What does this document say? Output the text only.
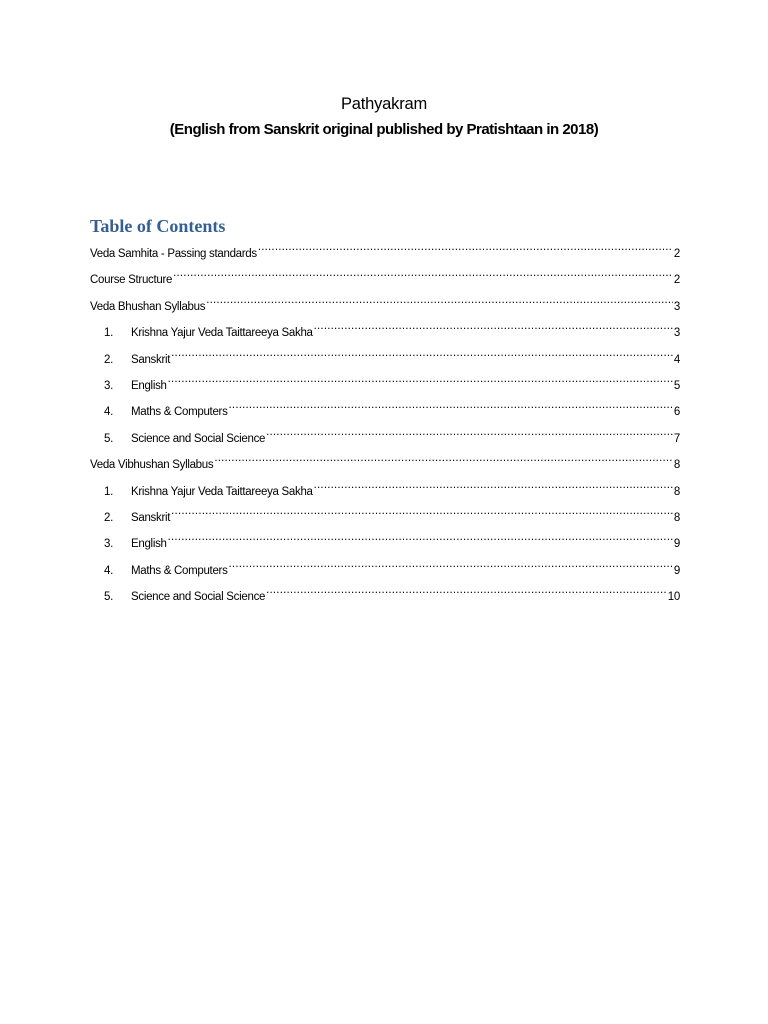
Pathyakram
(English from Sanskrit original published by Pratishtaan in 2018)
Table of Contents
Veda Samhita - Passing standards .....	2
Course Structure .....	2
Veda Bhushan Syllabus .....	3
1.	Krishna Yajur Veda Taittareeya Sakha .....	3
2.	Sanskrit .....	4
3.	English .....	5
4.	Maths & Computers .....	6
5.	Science and Social Science .....	7
Veda Vibhushan Syllabus .....	8
1.	Krishna Yajur Veda Taittareeya Sakha .....	8
2.	Sanskrit .....	8
3.	English .....	9
4.	Maths & Computers .....	9
5.	Science and Social Science .....	10
